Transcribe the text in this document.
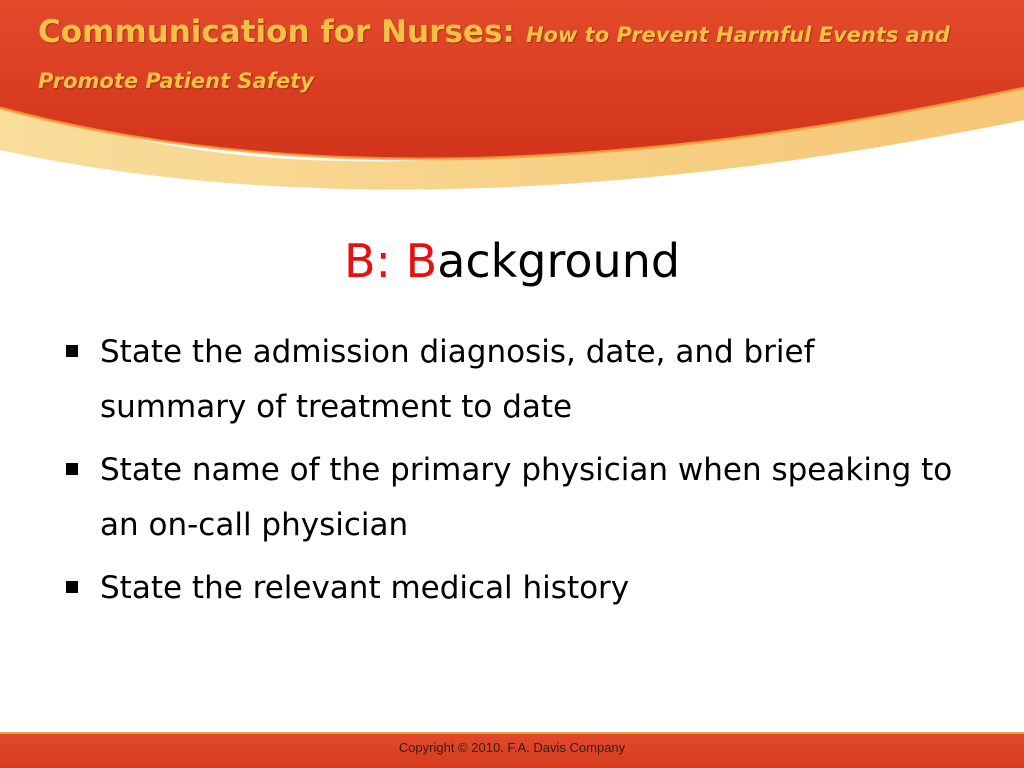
Communication for Nurses: How to Prevent Harmful Events and Promote Patient Safety
B: Background
State the admission diagnosis, date, and brief summary of treatment to date
State name of the primary physician when speaking to an on-call physician
State the relevant medical history
Copyright © 2010. F.A. Davis Company
